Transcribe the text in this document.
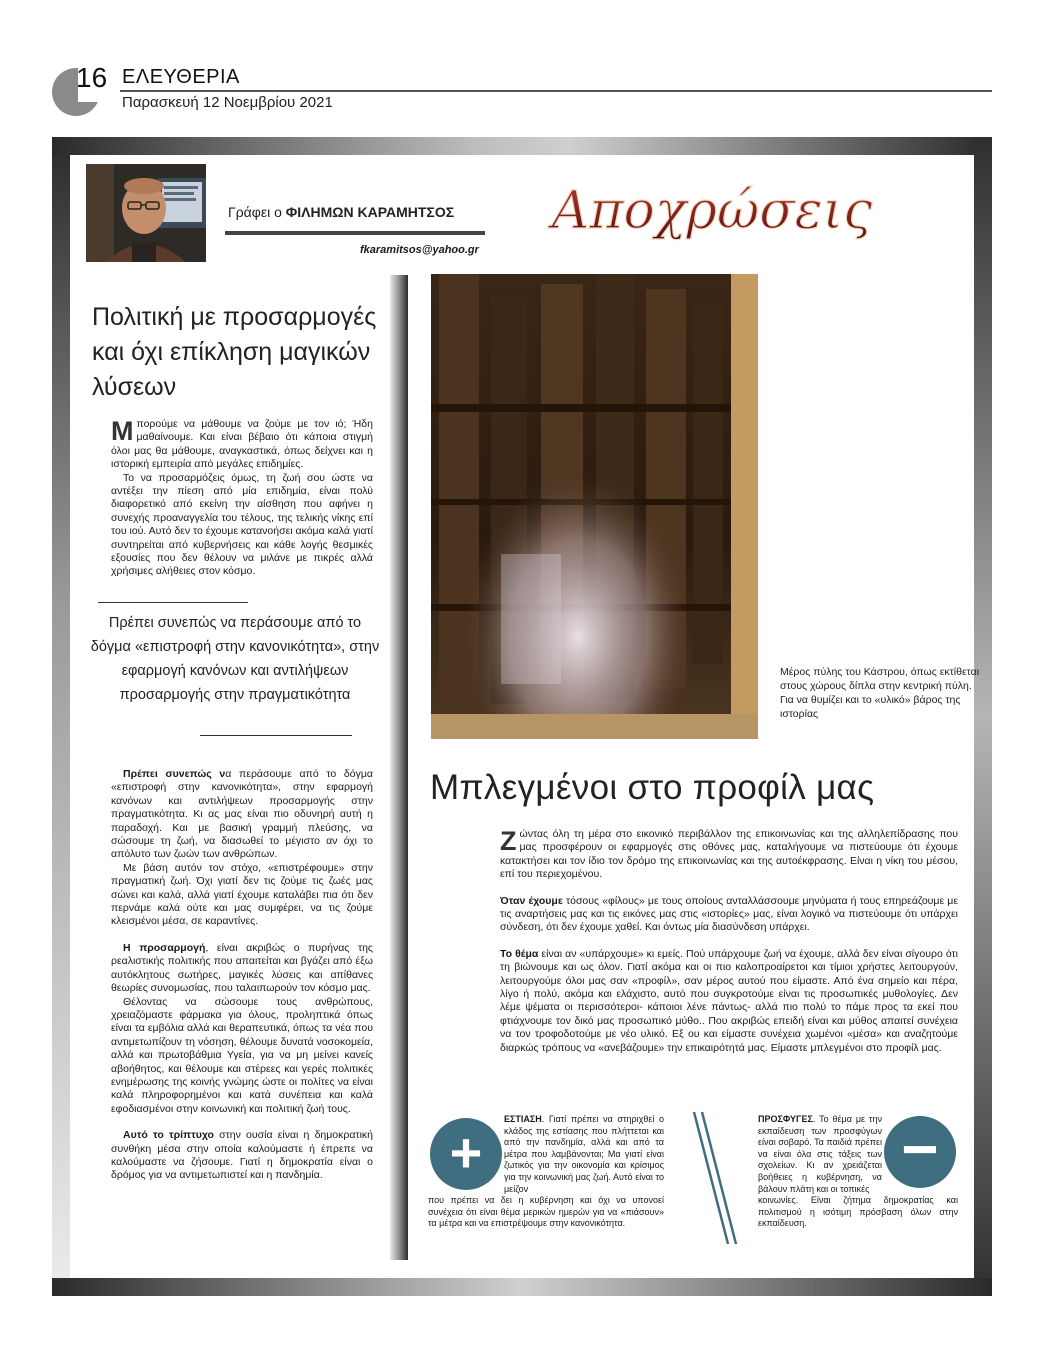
16 ΕΛΕΥΘΕΡΙΑ
Παρασκευή 12 Νοεμβρίου 2021
Γράφει ο ΦΙΛΗΜΩΝ ΚΑΡΑΜΗΤΣΟΣ
fkaramitsos@yahoo.gr
Αποχρώσεις
Πολιτική με προσαρμογές και όχι επίκληση μαγικών λύσεων

Μπορούμε να μάθουμε να ζούμε με τον ιό; Ήδη μαθαίνουμε. Και είναι βέβαιο ότι κάποια στιγμή όλοι μας θα μάθουμε, αναγκαστικά, όπως δείχνει και η ιστορική εμπειρία από μεγάλες επιδημίες.

Το να προσαρμόζεις όμως, τη ζωή σου ώστε να αντέξει την πίεση από μία επιδημία, είναι πολύ διαφορετικό από εκείνη την αίσθηση που αφήνει η συνεχής προαναγγελία του τέλους, της τελικής νίκης επί του ιού. Αυτό δεν το έχουμε κατανοήσει ακόμα καλά γιατί συντηρείται από κυβερνήσεις και κάθε λογής θεσμικές εξουσίες που δεν θέλουν να μιλάνε με πικρές αλλά χρήσιμες αλήθειες στον κόσμο.

Πρέπει συνεπώς να περάσουμε από το δόγμα «επιστροφή στην κανονικότητα», στην εφαρμογή κανόνων και αντιλήψεων προσαρμογής στην πραγματικότητα

Πρέπει συνεπώς να περάσουμε από το δόγμα «επιστροφή στην κανονικότητα», στην εφαρμογή κανόνων και αντιλήψεων προσαρμογής στην πραγματικότητα. Κι ας μας είναι πιο οδυνηρή αυτή η παραδοχή. Και με βασική γραμμή πλεύσης, να σώσουμε τη ζωή, να διασωθεί το μέγιστο αν όχι το απόλυτο των ζωών των ανθρώπων.

Με βάση αυτόν τον στόχο, «επιστρέφουμε» στην πραγματική ζωή. Όχι γιατί δεν τις ζούμε τις ζωές μας σώνει και καλά, αλλά γιατί έχουμε καταλάβει πια ότι δεν περνάμε καλά ούτε και μας συμφέρει, να τις ζούμε κλεισμένοι μέσα, σε καραντίνες.

Η προσαρμογή, είναι ακριβώς ο πυρήνας της ρεαλιστικής πολιτικής που απαιτείται και βγάζει από έξω αυτόκλητους σωτήρες, μαγικές λύσεις και απίθανες θεωρίες συνομωσίας, που ταλαιπωρούν τον κόσμο μας.

Θέλοντας να σώσουμε τους ανθρώπους, χρειαζόμαστε φάρμακα για όλους, προληπτικά όπως είναι τα εμβόλια αλλά και θεραπευτικά, όπως τα νέα που αντιμετωπίζουν τη νόσηση, θέλουμε δυνατά νοσοκομεία, αλλά και πρωτοβάθμια Υγεία, για να μη μείνει κανείς αβοήθητος, και θέλουμε και στέρεες και γερές πολιτικές ενημέρωσης της κοινής γνώμης ώστε οι πολίτες να είναι καλά πληροφορημένοι και κατά συνέπεια και καλά εφοδιασμένοι στην κοινωνική και πολιτική ζωή τους.

Αυτό το τρίπτυχο στην ουσία είναι η δημοκρατική συνθήκη μέσα στην οποία καλούμαστε ή έπρεπε να καλούμαστε να ζήσουμε. Γιατί η δημοκρατία είναι ο δρόμος για να αντιμετωπιστεί και η πανδημία.

Μέρος πύλης του Κάστρου, όπως εκτίθεται στους χώρους δίπλα στην κεντρική πύλη. Για να θυμίζει και το «υλικό» βάρος της ιστορίας
Μπλεγμένοι στο προφίλ μας

Ζώντας όλη τη μέρα στο εικονικό περιβάλλον της επικοινωνίας και της αλληλεπίδρασης που μας προσφέρουν οι εφαρμογές στις οθόνες μας, καταλήγουμε να πιστεύουμε ότι έχουμε κατακτήσει και τον ίδιο τον δρόμο της επικοινωνίας και της αυτοέκφρασης. Είναι η νίκη του μέσου, επί του περιεχομένου.

Όταν έχουμε τόσους «φίλους» με τους οποίους ανταλλάσσουμε μηνύματα ή τους επηρεάζουμε με τις αναρτήσεις μας και τις εικόνες μας στις «ιστορίες» μας, είναι λογικό να πιστεύουμε ότι υπάρχει σύνδεση, ότι δεν έχουμε χαθεί. Και όντως μία διασύνδεση υπάρχει.

Το θέμα είναι αν «υπάρχουμε» κι εμείς. Πού υπάρχουμε ζωή να έχουμε, αλλά δεν είναι σίγουρο ότι τη βιώνουμε και ως όλον. Γιατί ακόμα και οι πιο καλοπροαίρετοι και τίμιοι χρήστες λειτουργούν, λειτουργούμε όλοι μας σαν «προφίλ», σαν μέρος αυτού που είμαστε. Από ένα σημείο και πέρα, λίγο ή πολύ, ακόμα και ελάχιστο, αυτό που συγκροτούμε είναι τις προσωπικές μυθολογίες. Δεν λέμε ψέματα οι περισσότεροι- κάποιοι λένε πάντως- αλλά πιο πολύ το πάμε προς τα εκεί που φτιάχνουμε τον δικό μας προσωπικό μύθο.. Που ακριβώς επειδή είναι και μύθος απαιτεί συνέχεια να τον τροφοδοτούμε με νέο υλικό. Εξ ου και είμαστε συνέχεια χωμένοι «μέσα» και αναζητούμε διαρκώς τρόπους να «ανεβάζουμε» την επικαιρότητά μας. Είμαστε μπλεγμένοι στο προφίλ μας.

+

ΕΣΤΙΑΣΗ. Γιατί πρέπει να στηριχθεί ο κλάδος της εστίασης που πλήττεται και από την πανδημία, αλλά και από τα μέτρα που λαμβάνονται; Μα γιατί είναι ζωτικός για την οικονομία και κρίσιμος για την κοινωνική μας ζωή. Αυτό είναι το μείζον

που πρέπει να δει η κυβέρνηση και όχι να υπονοεί συνέχεια ότι είναι θέμα μερικών ημερών για να «πιάσουν» τα μέτρα και να επιστρέψουμε στην κανονικότητα.

ΠΡΟΣΦΥΓΕΣ. Το θέμα με την εκπαίδευση των προσφύγων είναι σοβαρό. Τα παιδιά πρέπει να είναι όλα στις τάξεις των σχολείων. Κι αν χρειάζεται βοήθειες η κυβέρνηση, να βάλουν πλάτη και οι τοπικές

κοινωνίες. Είναι ζήτημα δημοκρατίας και πολιτισμού η ισότιμη πρόσβαση όλων στην εκπαίδευση.

−
